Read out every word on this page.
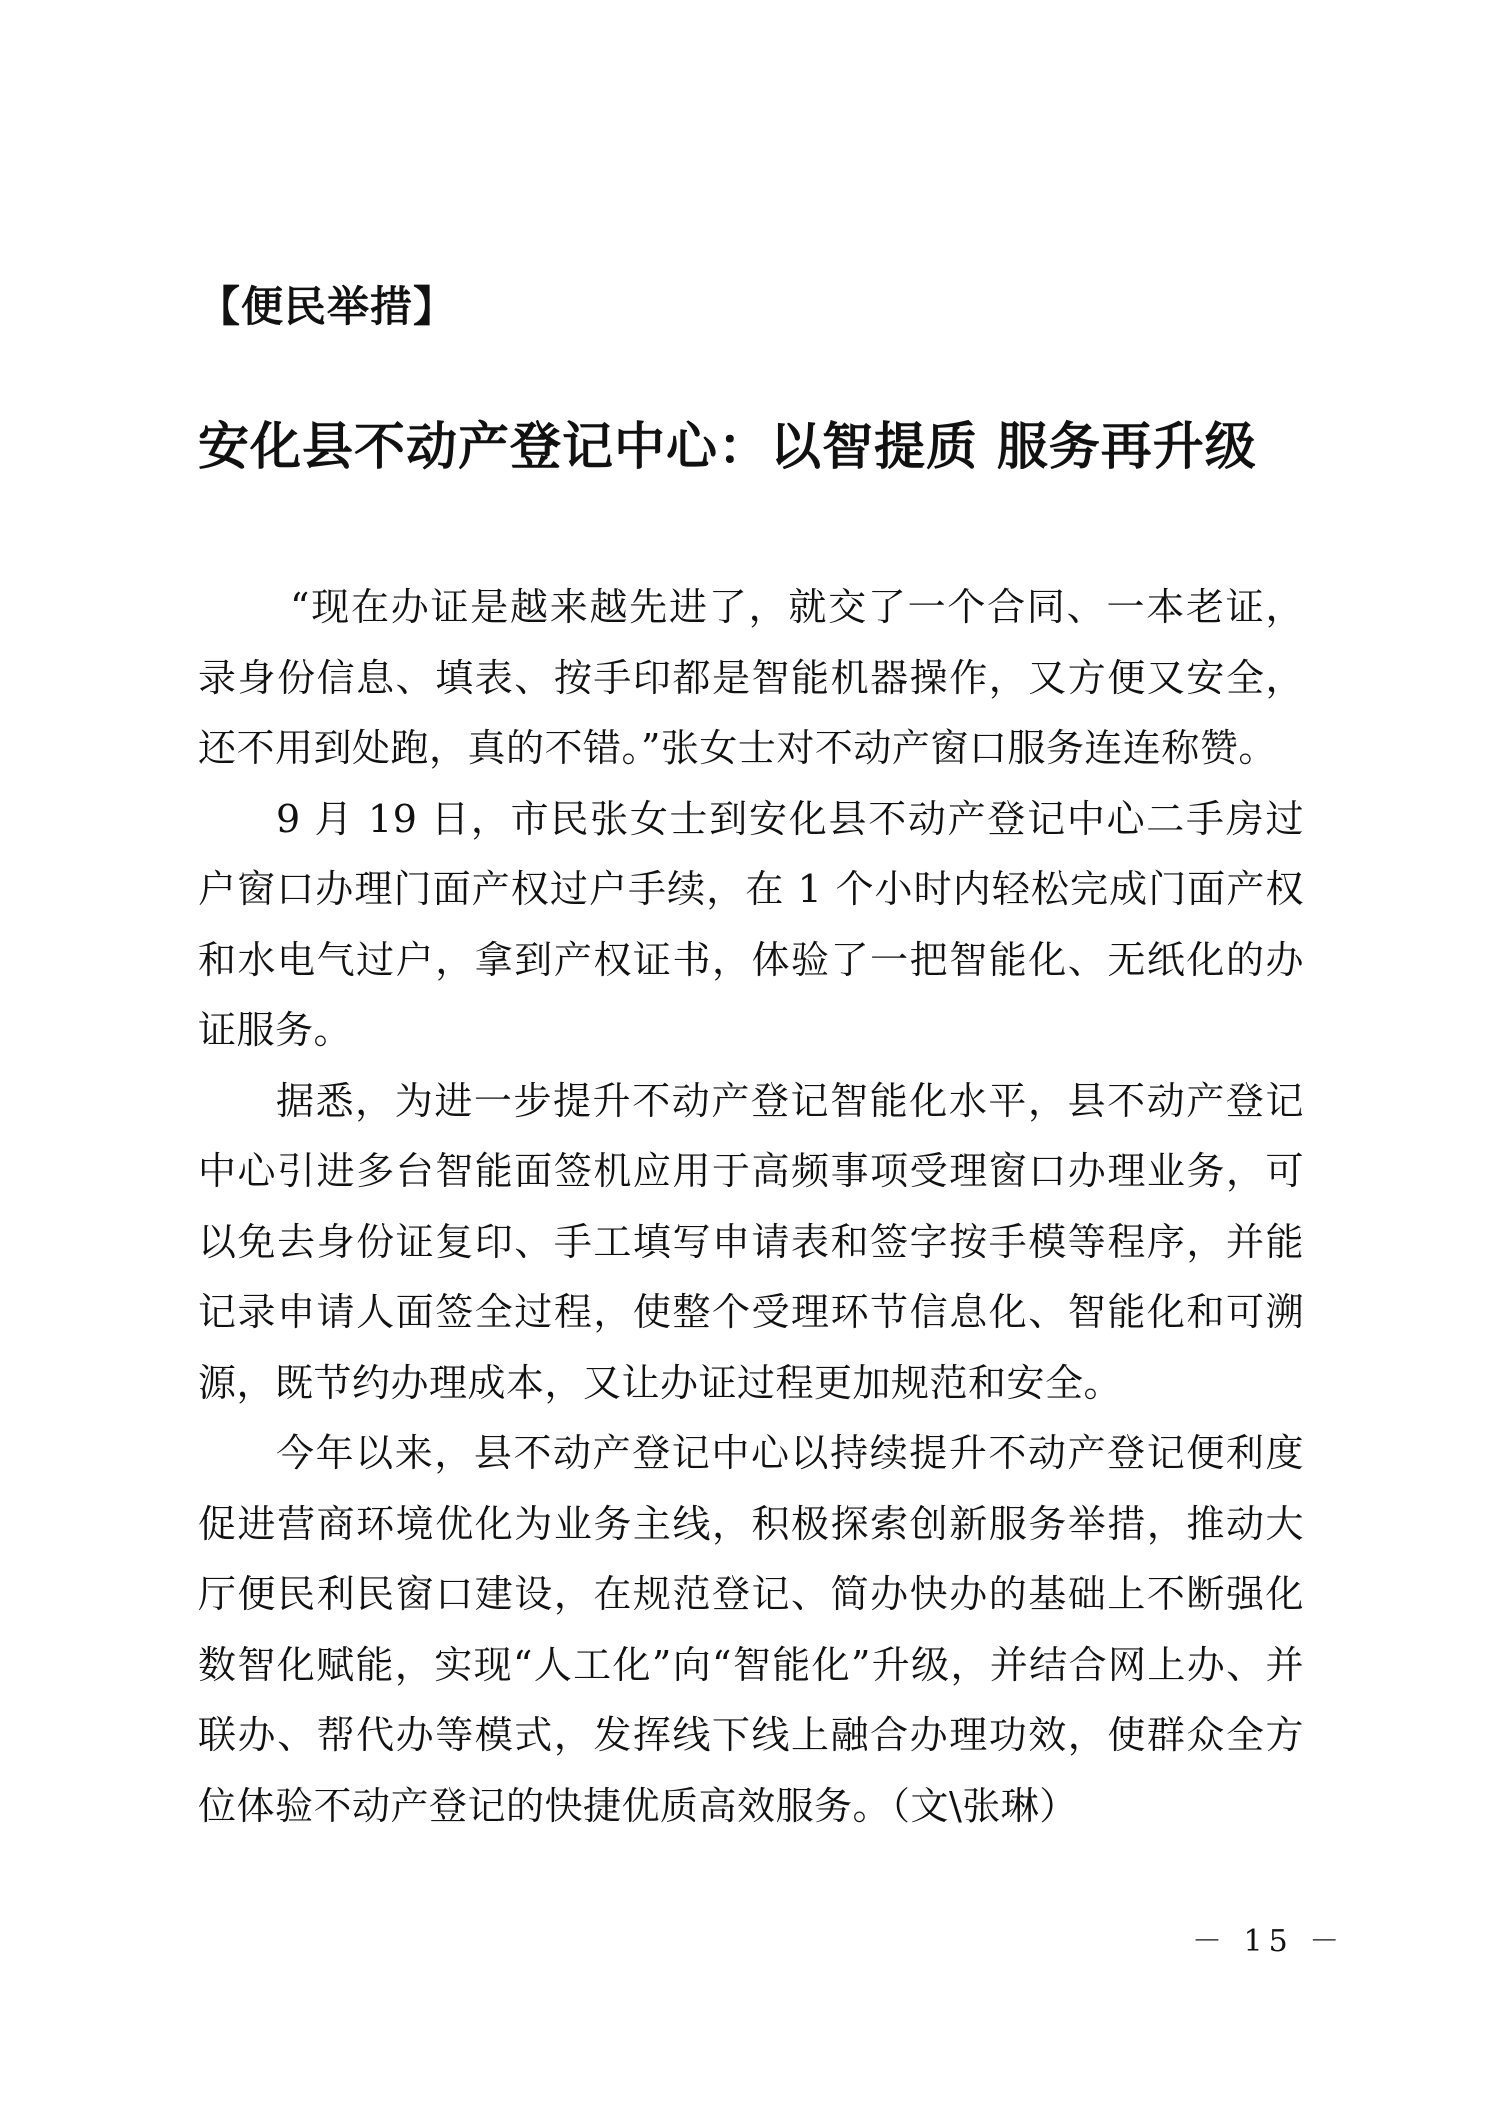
【便民举措】
安化县不动产登记中心：以智提质 服务再升级

“现在办证是越来越先进了，就交了一个合同、一本老证，录身份信息、填表、按手印都是智能机器操作，又方便又安全，还不用到处跑，真的不错。”张女士对不动产窗口服务连连称赞。

9 月 19 日，市民张女士到安化县不动产登记中心二手房过户窗口办理门面产权过户手续，在 1 个小时内轻松完成门面产权和水电气过户，拿到产权证书，体验了一把智能化、无纸化的办证服务。

据悉，为进一步提升不动产登记智能化水平，县不动产登记中心引进多台智能面签机应用于高频事项受理窗口办理业务，可以免去身份证复印、手工填写申请表和签字按手模等程序，并能记录申请人面签全过程，使整个受理环节信息化、智能化和可溯源，既节约办理成本，又让办证过程更加规范和安全。

今年以来，县不动产登记中心以持续提升不动产登记便利度促进营商环境优化为业务主线，积极探索创新服务举措，推动大厅便民利民窗口建设，在规范登记、简办快办的基础上不断强化数智化赋能，实现“人工化”向“智能化”升级，并结合网上办、并联办、帮代办等模式，发挥线下线上融合办理功效，使群众全方位体验不动产登记的快捷优质高效服务。（文\张琳）

－ 15 －
